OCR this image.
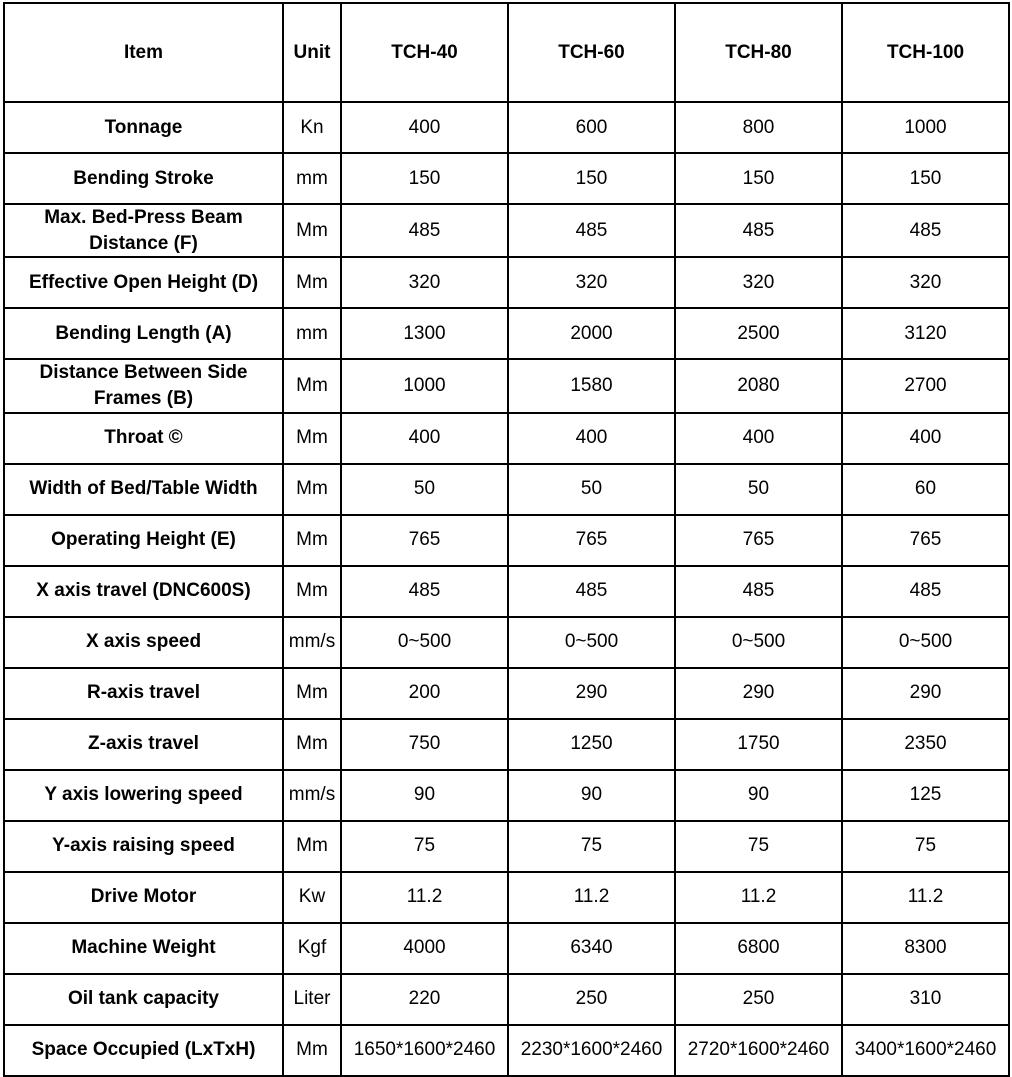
Item	Unit	TCH-40	TCH-60	TCH-80	TCH-100
Tonnage	Kn	400	600	800	1000
Bending Stroke	mm	150	150	150	150
Max. Bed-Press Beam Distance (F)	Mm	485	485	485	485
Effective Open Height (D)	Mm	320	320	320	320
Bending Length (A)	mm	1300	2000	2500	3120
Distance Between Side Frames (B)	Mm	1000	1580	2080	2700
Throat ©	Mm	400	400	400	400
Width of Bed/Table Width	Mm	50	50	50	60
Operating Height (E)	Mm	765	765	765	765
X axis travel (DNC600S)	Mm	485	485	485	485
X axis speed	mm/s	0~500	0~500	0~500	0~500
R-axis travel	Mm	200	290	290	290
Z-axis travel	Mm	750	1250	1750	2350
Y axis lowering speed	mm/s	90	90	90	125
Y-axis raising speed	Mm	75	75	75	75
Drive Motor	Kw	11.2	11.2	11.2	11.2
Machine Weight	Kgf	4000	6340	6800	8300
Oil tank capacity	Liter	220	250	250	310
Space Occupied (LxTxH)	Mm	1650*1600*2460	2230*1600*2460	2720*1600*2460	3400*1600*2460
